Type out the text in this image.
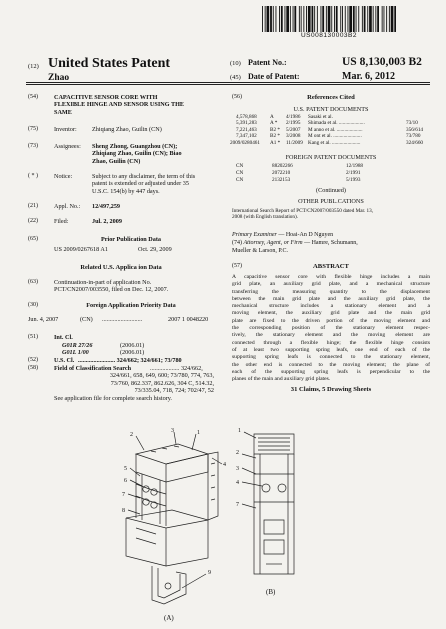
US008130003B2
(12) United States Patent
Zhao
(10) Patent No.:	US 8,130,003 B2
(45) Date of Patent:	Mar. 6, 2012
(54)	CAPACITIVE SENSOR CORE WITH
FLEXIBLE HINGE AND SENSOR USING THE
SAME
(75)	Inventor: Zhiqiang Zhao, Guilin (CN)
(73)	Assignees: Sheng Zhong, Guangzhou (CN);
Zhiqiang Zhao, Guilin (CN); Biao
Zhao, Guilin (CN)
( * )	Notice:	Subject to any disclaimer, the term of this
patent is extended or adjusted under 35
U.S.C. 154(b) by 447 days.
(21)	Appl. No.: 12/497,259
(22)	Filed:	Jul. 2, 2009
(65)	Prior Publication Data
US 2009/0267618 A1	Oct. 29, 2009
Related U.S. Applica ion Data
(63)	Continuation-in-part of application No.
PCT/CN2007/003550, filed on Dec. 12, 2007.
(30)	Foreign Application Priority Data
Jun. 4, 2007	(CN) ..........................	2007 1 0048220
(51)	Int. Cl.
G01R 27/26	(2006.01)
G01L 1/00	(2006.01)
(52)	U.S. Cl. ........................ 324/662; 324/661; 73/780
(58)	Field of Classification Search	................... 324/662,
324/661, 658, 649, 600; 73/780, 774, 763,
73/760, 862.337, 862.626, 304 C, 514.32,
73/335.04, 718, 724; 702/47, 52
See application file for complete search history.
(56)	References Cited
U.S. PATENT DOCUMENTS
4,578,868	A 4/1986 Sasaki et al.
5,391,283	A * 2/1995 Shimada et al. ....................	73/10
7,221,463	B2 * 5/2007 M anno et al. ....................	356/614
7,347,102	B2 * 3/2008 M ont et al. ......................	73/780
2009/0280461 A1 * 11/2009 Kang et al. ......................	324/660
FOREIGN PATENT DOCUMENTS
CN	88202266	12/1988
CN	2072210	2/1991
CN	2132153	5/1993
(Continued)
OTHER PUBL.CATIONS
International Search Report of PCT/CN2007/003550 dated Mar. 13,
2008 (with English translation).
Primary Examiner — Hoai-An D Nguyen
(74) Attorney, Agent, or Firm — Hamre, Schumann,
Mueller & Larson, P.C.
(57)	ABSTRACT
A capacitive sensor core with flexible hinge includes a main
grid plate, an auxiliary grid plate, and a mechanical structure
transferring the measuring quantity to the displacement
between the main grid plate and the auxiliary grid plate, the
mechanical structure includes a stationary element and a
moving element, the auxiliary grid plate and the main grid
plate are fixed to the driven portion of the moving element and
the corresponding position of the stationary element respec-
tively, the stationary element and the moving element are
connected through a flexible hinge; the flexible hinge consists
of at least two supporting spring leafs, one end of each of the
supporting spring leafs is connected to the stationary element,
the other end is connected to the moving element; the plane of
each of the supporting spring leafs is perpendicular to the
planes of the main and auxiliary grid plates.
31 Claims, 5 Drawing Sheets
2
3	1
4
5
6
7
8
9
1
2
3
4
7
(A)
(B)
